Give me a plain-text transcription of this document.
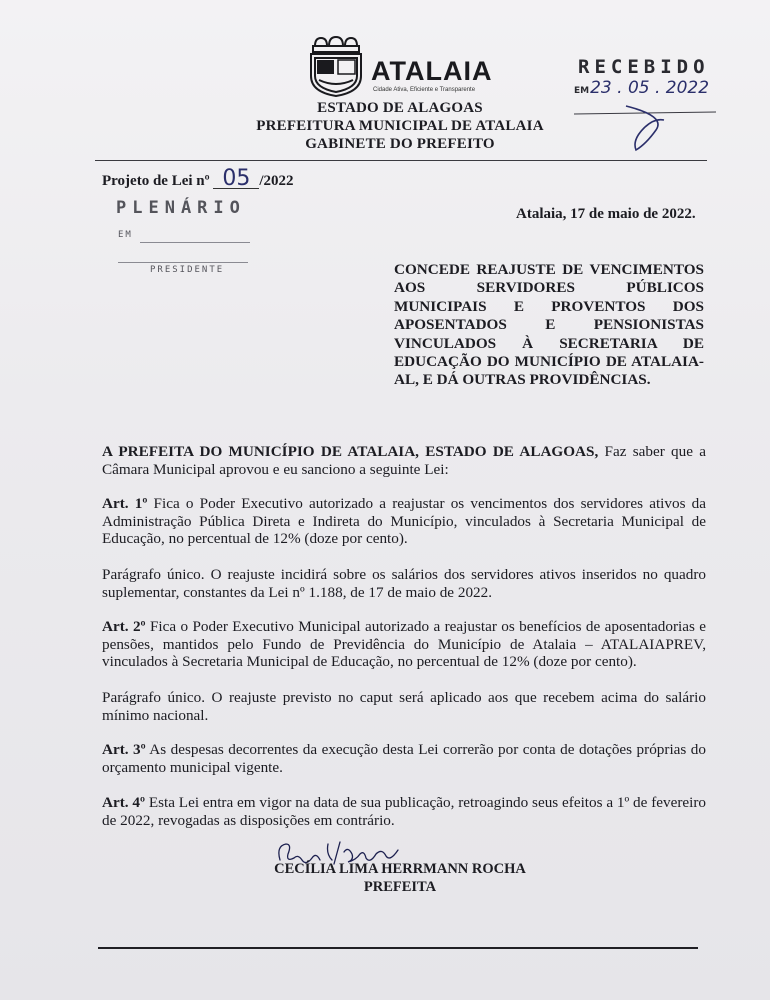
ATALAIA
Cidade Ativa, Eficiente e Transparente
ESTADO DE ALAGOAS
PREFEITURA MUNICIPAL DE ATALAIA
GABINETE DO PREFEITO
RECEBIDO
EM23 . 05 . 2022
Projeto de Lei nº 05 /2022
PLENÁRIO
EM
PRESIDENTE
Atalaia, 17 de maio de 2022.
CONCEDE REAJUSTE DE VENCIMENTOS AOS SERVIDORES PÚBLICOS MUNICIPAIS E PROVENTOS DOS APOSENTADOS E PENSIONISTAS VINCULADOS À SECRETARIA DE EDUCAÇÃO DO MUNICÍPIO DE ATALAIA-AL, E DÁ OUTRAS PROVIDÊNCIAS.
A PREFEITA DO MUNICÍPIO DE ATALAIA, ESTADO DE ALAGOAS, Faz saber que a Câmara Municipal aprovou e eu sanciono a seguinte Lei:
Art. 1º Fica o Poder Executivo autorizado a reajustar os vencimentos dos servidores ativos da Administração Pública Direta e Indireta do Município, vinculados à Secretaria Municipal de Educação, no percentual de 12% (doze por cento).
Parágrafo único. O reajuste incidirá sobre os salários dos servidores ativos inseridos no quadro suplementar, constantes da Lei nº 1.188, de 17 de maio de 2022.
Art. 2º Fica o Poder Executivo Municipal autorizado a reajustar os benefícios de aposentadorias e pensões, mantidos pelo Fundo de Previdência do Município de Atalaia – ATALAIAPREV, vinculados à Secretaria Municipal de Educação, no percentual de 12% (doze por cento).
Parágrafo único. O reajuste previsto no caput será aplicado aos que recebem acima do salário mínimo nacional.
Art. 3º As despesas decorrentes da execução desta Lei correrão por conta de dotações próprias do orçamento municipal vigente.
Art. 4º Esta Lei entra em vigor na data de sua publicação, retroagindo seus efeitos a 1º de fevereiro de 2022, revogadas as disposições em contrário.
CECÍLIA LIMA HERRMANN ROCHA
PREFEITA
